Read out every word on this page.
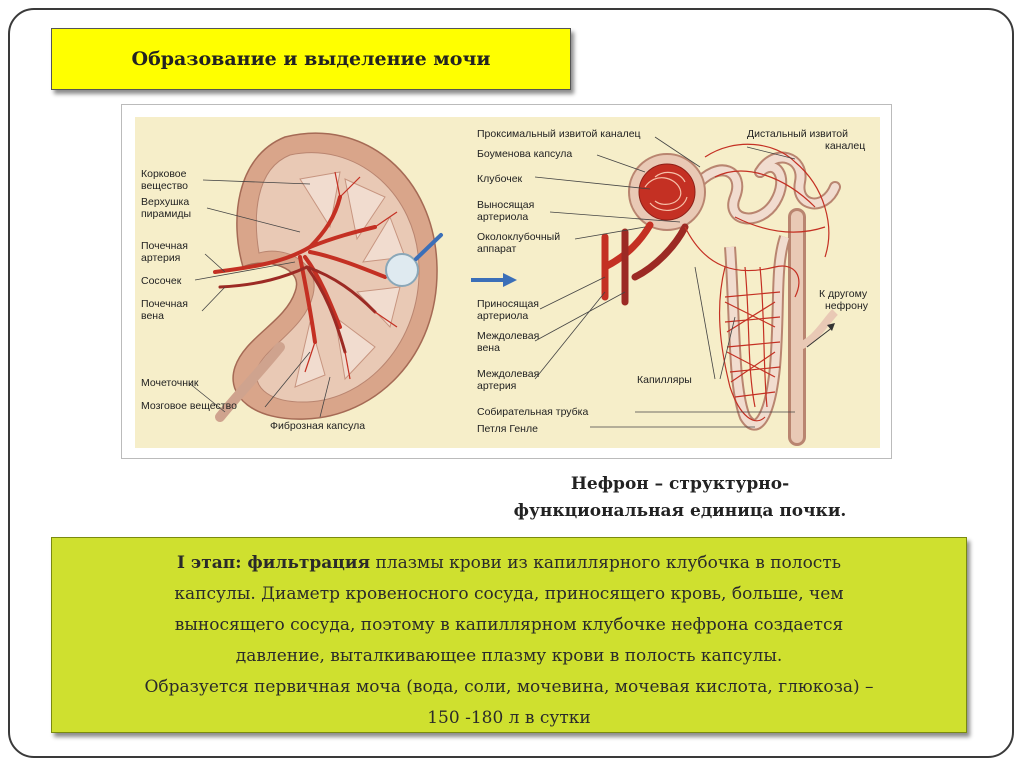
Образование и выделение мочи
Корковое
вещество
Верхушка
пирамиды
Почечная
артерия
Сосочек
Почечная
вена
Мочеточник
Мозговое вещество
Фиброзная капсула
Проксимальный извитой каналец
Боуменова капсула
Клубочек
Выносящая
артериола
Околоклубочный
аппарат
Приносящая
артериола
Междолевая
вена
Междолевая
артерия
Собирательная трубка
Петля Генле
Дистальный извитой
каналец
Капилляры
К другому
нефрону
Нефрон – структурно-
функциональная единица почки.

I этап: фильтрация плазмы крови из капиллярного клубочка в полость

капсулы. Диаметр кровеносного сосуда, приносящего кровь, больше, чем

выносящего сосуда, поэтому в капиллярном клубочке нефрона создается

давление, выталкивающее плазму крови в полость капсулы.

Образуется первичная моча (вода, соли, мочевина, мочевая кислота, глюкоза) –

150 -180 л в сутки
